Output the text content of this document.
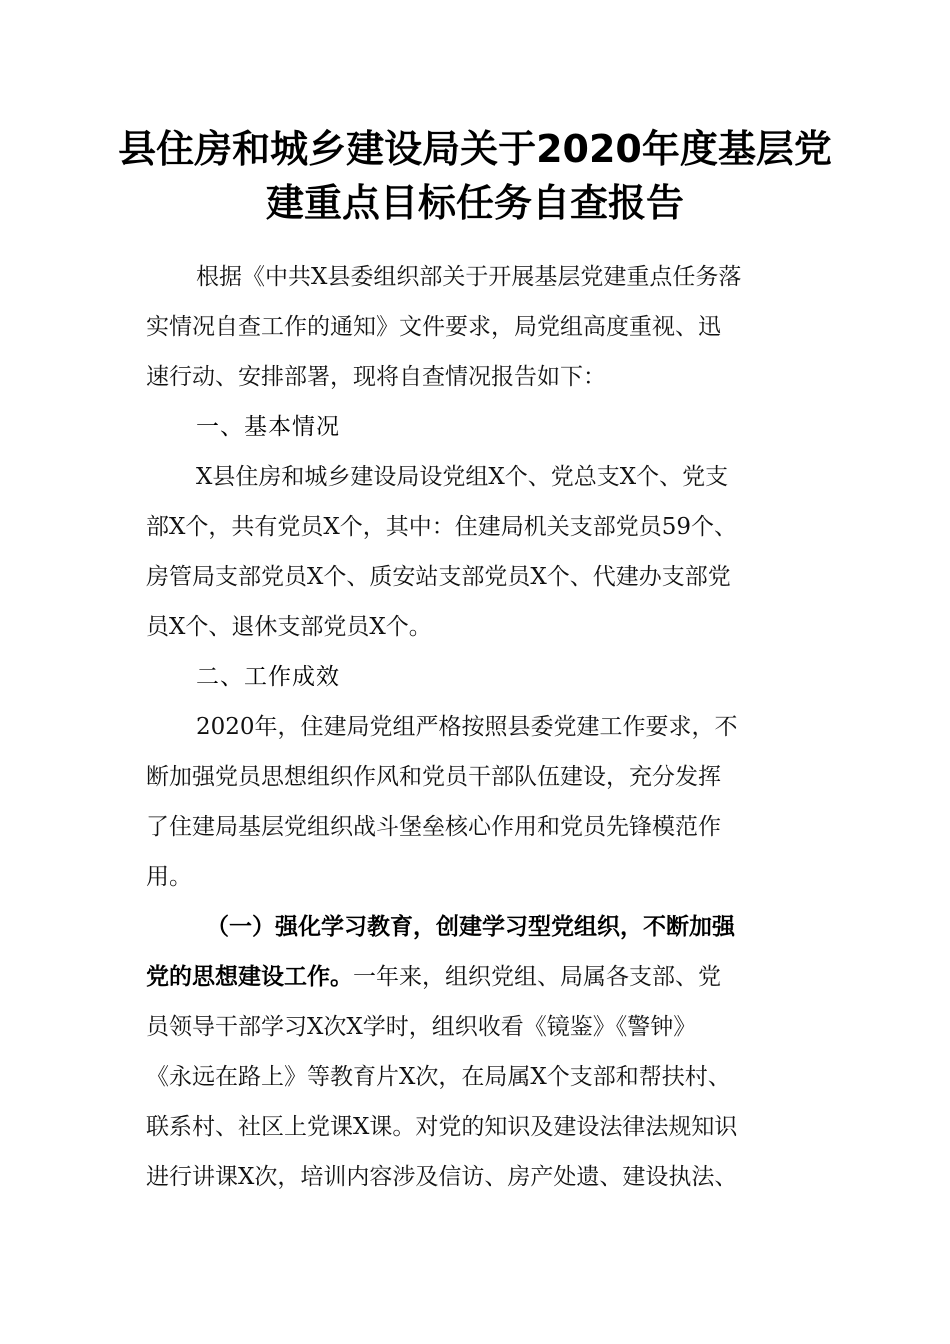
县住房和城乡建设局关于2020年度基层党
建重点目标任务自查报告
根据《中共X县委组织部关于开展基层党建重点任务落
实情况自查工作的通知》文件要求，局党组高度重视、迅
速行动、安排部署，现将自查情况报告如下：
一、基本情况
X县住房和城乡建设局设党组X个、党总支X个、党支
部X个，共有党员X个，其中：住建局机关支部党员59个、
房管局支部党员X个、质安站支部党员X个、代建办支部党
员X个、退休支部党员X个。
二、工作成效
2020年，住建局党组严格按照县委党建工作要求，不
断加强党员思想组织作风和党员干部队伍建设，充分发挥
了住建局基层党组织战斗堡垒核心作用和党员先锋模范作
用。
（一）强化学习教育，创建学习型党组织，不断加强
党的思想建设工作。一年来，组织党组、局属各支部、党
员领导干部学习X次X学时，组织收看《镜鉴》《警钟》
《永远在路上》等教育片X次，在局属X个支部和帮扶村、
联系村、社区上党课X课。对党的知识及建设法律法规知识
进行讲课X次，培训内容涉及信访、房产处遗、建设执法、
